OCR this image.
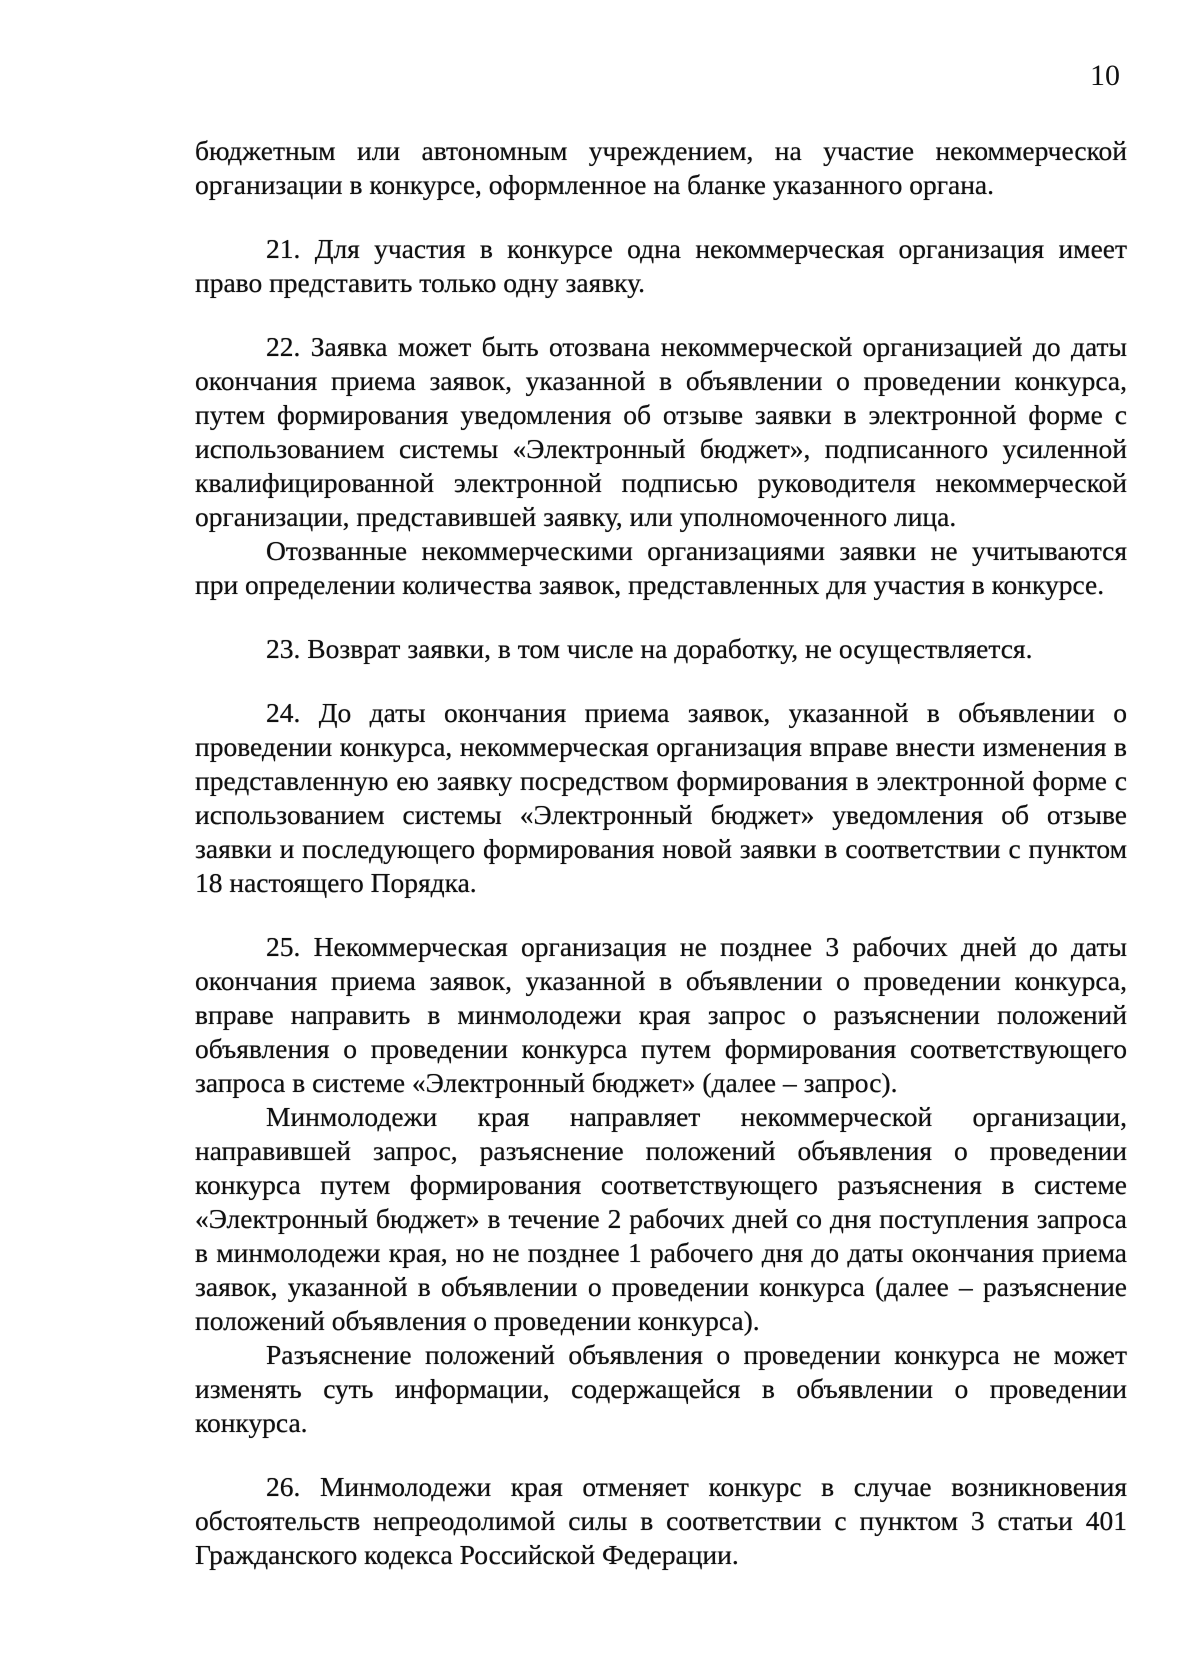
10

бюджетным или автономным учреждением, на участие некоммерческой организации в конкурсе, оформленное на бланке указанного органа.

21. Для участия в конкурсе одна некоммерческая организация имеет право представить только одну заявку.

22. Заявка может быть отозвана некоммерческой организацией до даты окончания приема заявок, указанной в объявлении о проведении конкурса, путем формирования уведомления об отзыве заявки в электронной форме с использованием системы «Электронный бюджет», подписанного усиленной квалифицированной электронной подписью руководителя некоммерческой организации, представившей заявку, или уполномоченного лица.

Отозванные некоммерческими организациями заявки не учитываются при определении количества заявок, представленных для участия в конкурсе.

23. Возврат заявки, в том числе на доработку, не осуществляется.

24. До даты окончания приема заявок, указанной в объявлении о проведении конкурса, некоммерческая организация вправе внести изменения в представленную ею заявку посредством формирования в электронной форме с использованием системы «Электронный бюджет» уведомления об отзыве заявки и последующего формирования новой заявки в соответствии с пунктом 18 настоящего Порядка.

25. Некоммерческая организация не позднее 3 рабочих дней до даты окончания приема заявок, указанной в объявлении о проведении конкурса, вправе направить в минмолодежи края запрос о разъяснении положений объявления о проведении конкурса путем формирования соответствующего запроса в системе «Электронный бюджет» (далее – запрос).

Минмолодежи края направляет некоммерческой организации, направившей запрос, разъяснение положений объявления о проведении конкурса путем формирования соответствующего разъяснения в системе «Электронный бюджет» в течение 2 рабочих дней со дня поступления запроса в минмолодежи края, но не позднее 1 рабочего дня до даты окончания приема заявок, указанной в объявлении о проведении конкурса (далее – разъяснение положений объявления о проведении конкурса).

Разъяснение положений объявления о проведении конкурса не может изменять суть информации, содержащейся в объявлении о проведении конкурса.

26. Минмолодежи края отменяет конкурс в случае возникновения обстоятельств непреодолимой силы в соответствии с пунктом 3 статьи 401 Гражданского кодекса Российской Федерации.
